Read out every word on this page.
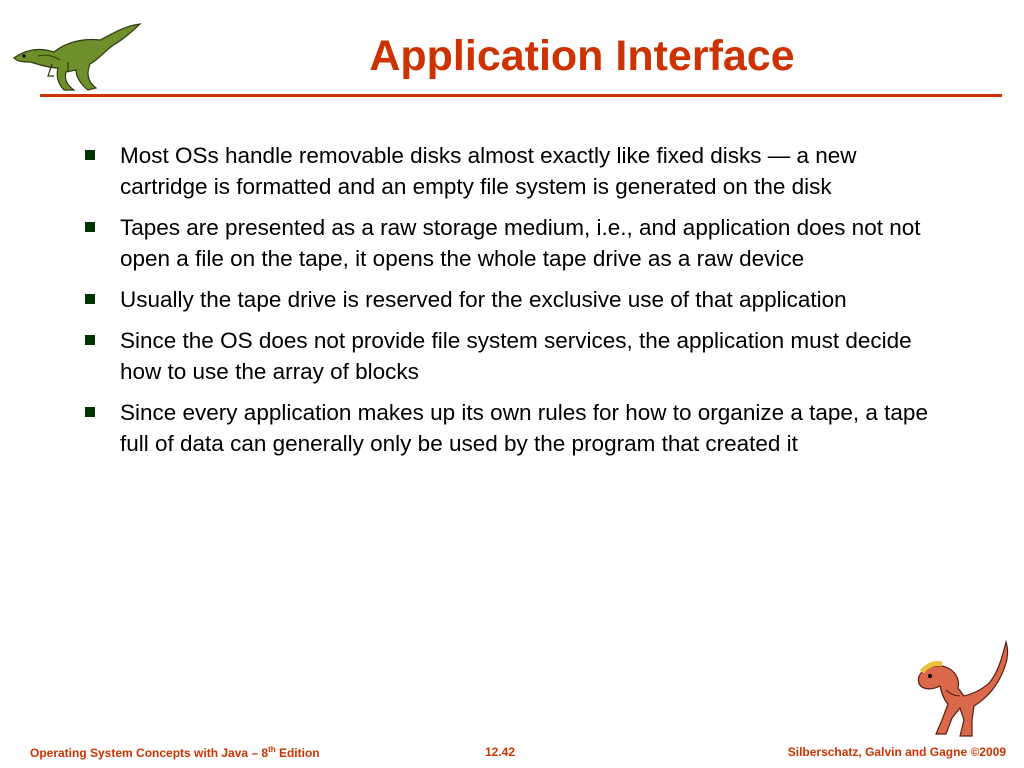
Application Interface
Most OSs handle removable disks almost exactly like fixed disks — a new cartridge is formatted and an empty file system is generated on the disk
Tapes are presented as a raw storage medium, i.e., and application does not not open a file on the tape, it opens the whole tape drive as a raw device
Usually the tape drive is reserved for the exclusive use of that application
Since the OS does not provide file system services, the application must decide how to use the array of blocks
Since every application makes up its own rules for how to organize a tape, a tape full of data can generally only be used by the program that created it
Operating System Concepts with Java – 8th Edition	12.42	Silberschatz, Galvin and Gagne ©2009
